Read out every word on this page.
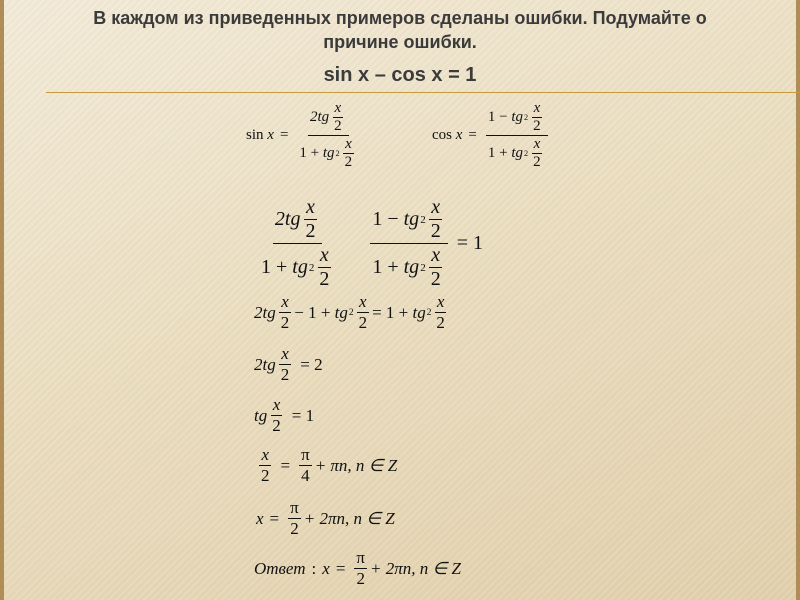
В каждом из приведенных примеров сделаны ошибки. Подумайте о
причине ошибки.
sin x – cos x = 1
sin
$x = 2tg \frac{x}{2}$
1 +
tg $2 \frac{x}{2}$	cos
x = 1 −
tg $2 \frac{x}{2}$
1 +
tg $2 \frac{x}{2}$
$2tg \frac{x}{2}$
1 +
tg $2 \frac{x}{2} 1$ −
tg $2 \frac{x}{2}$
1 +
tg $2 \frac{x}{2} = 1$
$2tg \frac{x}{2} - 1$ +
tg $2 \frac{x}{2} = 1$ +
tg $2 \frac{x}{2}$
$2tg \frac{x}{2} = 2$
tg $\frac{x}{2} = 1$
$\frac{x}{2} = \frac{\pi}{4} + \pi n$, n ∈ Z
$x = \frac{\pi}{2} + 2\pi n$, n ∈ Z
Ответ : $x = \frac{\pi}{2} + 2\pi n$, n ∈ Z
